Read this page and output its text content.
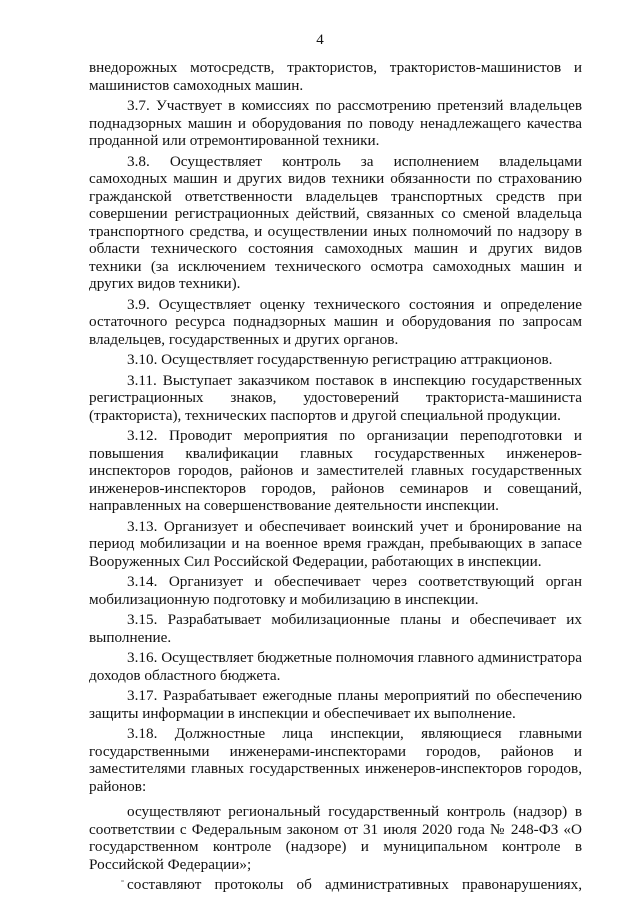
4

внедорожных мотосредств, трактористов, трактористов-машинистов и машинистов самоходных машин.

3.7. Участвует в комиссиях по рассмотрению претензий владельцев поднадзорных машин и оборудования по поводу ненадлежащего качества проданной или отремонтированной техники.

3.8. Осуществляет контроль за исполнением владельцами самоходных машин и других видов техники обязанности по страхованию гражданской ответственности владельцев транспортных средств при совершении регистрационных действий, связанных со сменой владельца транспортного средства, и осуществлении иных полномочий по надзору в области технического состояния самоходных машин и других видов техники (за исключением технического осмотра самоходных машин и других видов техники).

3.9. Осуществляет оценку технического состояния и определение остаточного ресурса поднадзорных машин и оборудования по запросам владельцев, государственных и других органов.

3.10. Осуществляет государственную регистрацию аттракционов.

3.11. Выступает заказчиком поставок в инспекцию государственных регистрационных знаков, удостоверений тракториста-машиниста (тракториста), технических паспортов и другой специальной продукции.

3.12. Проводит мероприятия по организации переподготовки и повышения квалификации главных государственных инженеров-инспекторов городов, районов и заместителей главных государственных инженеров-инспекторов городов, районов семинаров и совещаний, направленных на совершенствование деятельности инспекции.

3.13. Организует и обеспечивает воинский учет и бронирование на период мобилизации и на военное время граждан, пребывающих в запасе Вооруженных Сил Российской Федерации, работающих в инспекции.

3.14. Организует и обеспечивает через соответствующий орган мобилизационную подготовку и мобилизацию в инспекции.

3.15. Разрабатывает мобилизационные планы и обеспечивает их выполнение.

3.16. Осуществляет бюджетные полномочия главного администратора доходов областного бюджета.

3.17. Разрабатывает ежегодные планы мероприятий по обеспечению защиты информации в инспекции и обеспечивает их выполнение.

3.18. Должностные лица инспекции, являющиеся главными государственными инженерами-инспекторами городов, районов и заместителями главных государственных инженеров-инспекторов городов, районов:

осуществляют региональный государственный контроль (надзор) в соответствии с Федеральным законом от 31 июля 2020 года № 248-ФЗ «О государственном контроле (надзоре) и муниципальном контроле в Российской Федерации»;

составляют протоколы об административных правонарушениях,
